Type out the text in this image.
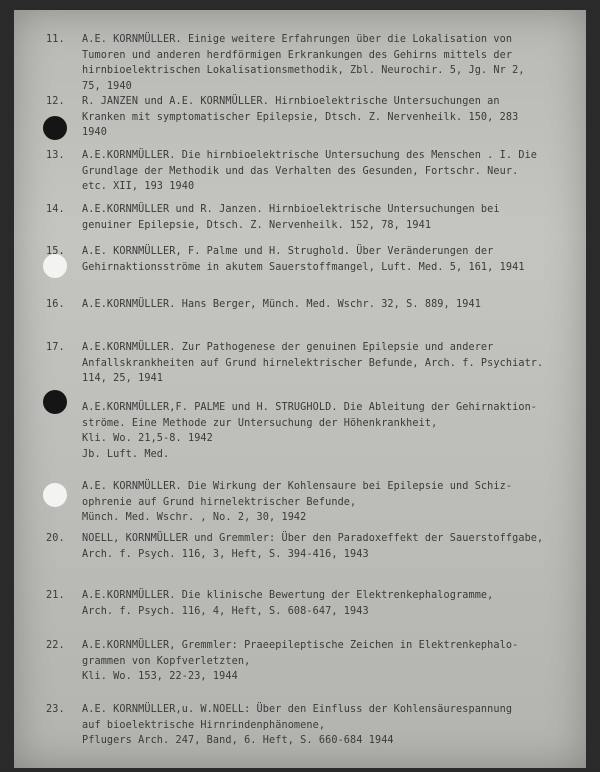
11.	A.E. KORNMÜLLER. Einige weitere Erfahrungen über die Lokalisation von
Tumoren und anderen herdförmigen Erkrankungen des Gehirns mittels der
hirnbioelektrischen Lokalisationsmethodik, Zbl. Neurochir. 5, Jg. Nr 2,
75, 1940
12.	R. JANZEN und A.E. KORNMÜLLER. Hirnbioelektrische Untersuchungen an
Kranken mit symptomatischer Epilepsie, Dtsch. Z. Nervenheilk. 150, 283
1940
13.	A.E.KORNMÜLLER. Die hirnbioelektrische Untersuchung des Menschen . I. Die
Grundlage der Methodik und das Verhalten des Gesunden, Fortschr. Neur.
etc. XII, 193 1940
14.	A.E.KORNMÜLLER und R. Janzen. Hirnbioelektrische Untersuchungen bei
genuiner Epilepsie, Dtsch. Z. Nervenheilk. 152, 78, 1941
15.	A.E. KORNMÜLLER, F. Palme und H. Strughold. Über Veränderungen der
Gehirnaktionsströme in akutem Sauerstoffmangel, Luft. Med. 5, 161, 1941
16.	A.E.KORNMÜLLER. Hans Berger, Münch. Med. Wschr. 32, S. 889, 1941
17.	A.E.KORNMÜLLER. Zur Pathogenese der genuinen Epilepsie und anderer
Anfallskrankheiten auf Grund hirnelektrischer Befunde, Arch. f. Psychiatr.
114, 25, 1941
A.E.KORNMÜLLER,F. PALME und H. STRUGHOLD. Die Ableitung der Gehirnaktion-
ströme. Eine Methode zur Untersuchung der Höhenkrankheit,
Kli. Wo. 21,5-8. 1942
Jb. Luft. Med.
A.E. KORNMÜLLER. Die Wirkung der Kohlensaure bei Epilepsie und Schiz-
ophrenie auf Grund hirnelektrischer Befunde,
Münch. Med. Wschr. , No. 2, 30, 1942
20.	NOELL, KORNMÜLLER und Gremmler: Über den Paradoxeffekt der Sauerstoffgabe,
Arch. f. Psych. 116, 3, Heft, S. 394-416, 1943
21.	A.E.KORNMÜLLER. Die klinische Bewertung der Elektrenkephalogramme,
Arch. f. Psych. 116, 4, Heft, S. 608-647, 1943
22.	A.E.KORNMÜLLER, Gremmler: Praeepileptische Zeichen in Elektrenkephalo-
grammen von Kopfverletzten,
Kli. Wo. 153, 22-23, 1944
23.	A.E. KORNMÜLLER,u. W.NOELL: Über den Einfluss der Kohlensäurespannung
auf bioelektrische Hirnrindenphänomene,
Pflugers Arch. 247, Band, 6. Heft, S. 660-684 1944
